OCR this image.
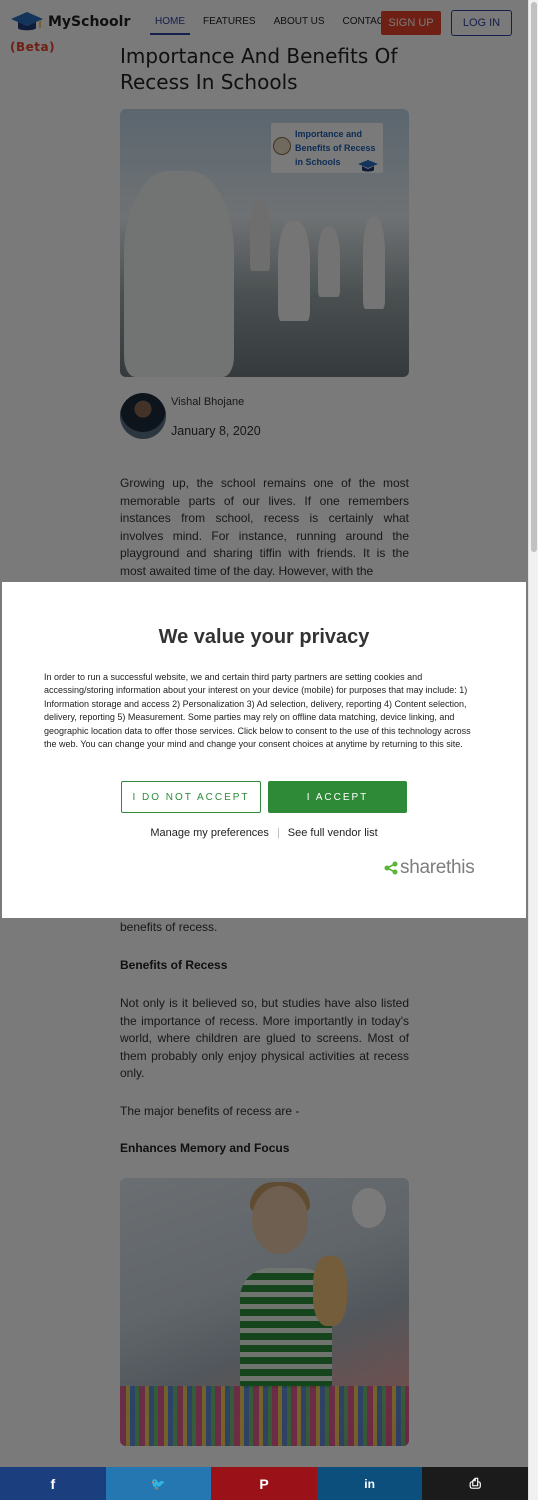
We value your privacy
In order to run a successful website, we and certain third party partners are setting cookies and accessing/storing information about your interest on your device (mobile) for purposes that may include: 1) Information storage and access 2) Personalization 3) Ad selection, delivery, reporting 4) Content selection, delivery, reporting 5) Measurement. Some parties may rely on offline data matching, device linking, and geographic location data to offer those services. Click below to consent to the use of this technology across the web. You can change your mind and change your consent choices at anytime by returning to this site.
I DO NOT ACCEPT	I ACCEPT
Manage my preferences | See full vendor list
sharethis
f	🐦	P	in	⎙
